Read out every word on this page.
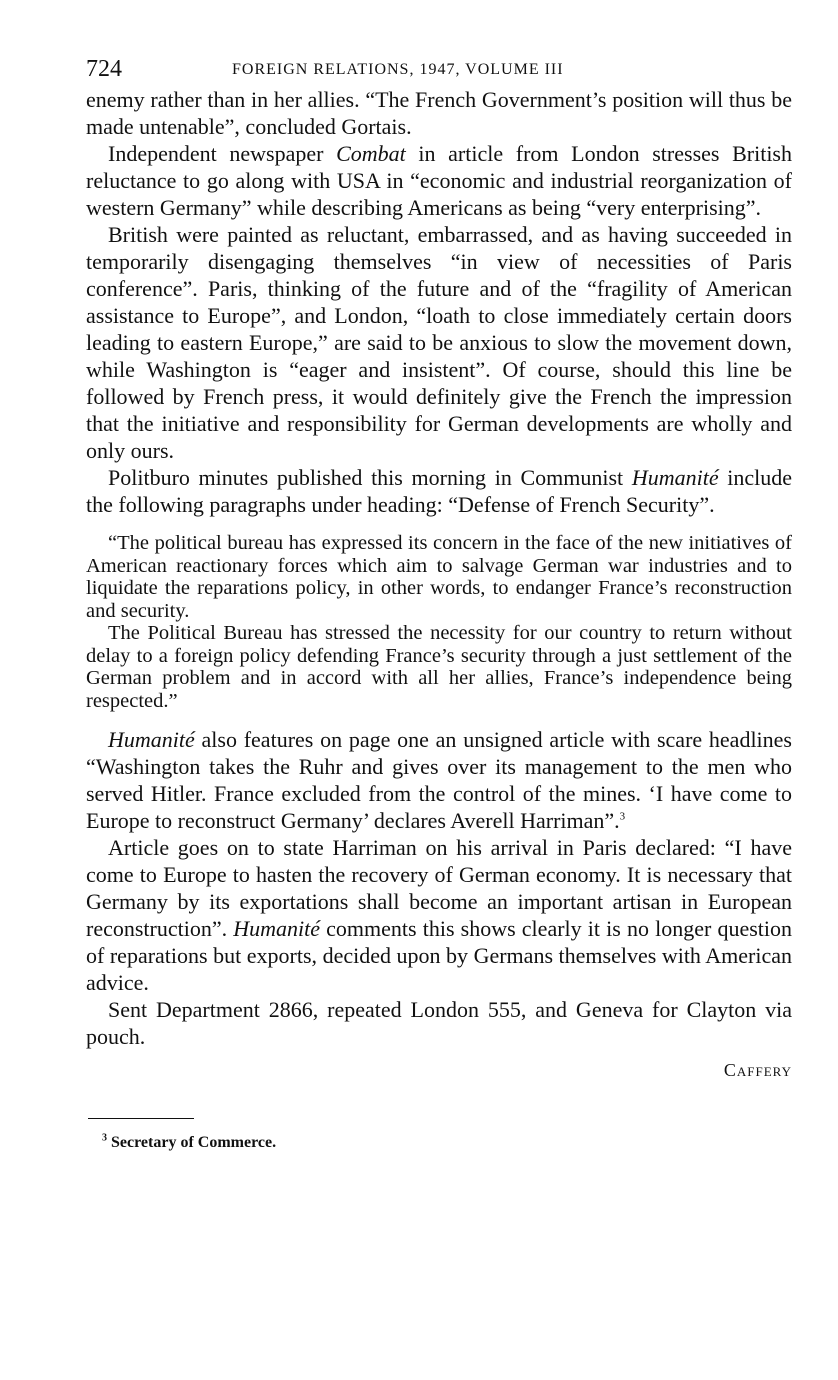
724	FOREIGN RELATIONS, 1947, VOLUME III

enemy rather than in her allies. “The French Government’s position will thus be made untenable”, concluded Gortais.

Independent newspaper Combat in article from London stresses British reluctance to go along with USA in “economic and industrial reorganization of western Germany” while describing Americans as being “very enterprising”.

British were painted as reluctant, embarrassed, and as having succeeded in temporarily disengaging themselves “in view of necessities of Paris conference”. Paris, thinking of the future and of the “fragility of American assistance to Europe”, and London, “loath to close immediately certain doors leading to eastern Europe,” are said to be anxious to slow the movement down, while Washington is “eager and insistent”. Of course, should this line be followed by French press, it would definitely give the French the impression that the initiative and responsibility for German developments are wholly and only ours.

Politburo minutes published this morning in Communist Humanité include the following paragraphs under heading: “Defense of French Security”.

“The political bureau has expressed its concern in the face of the new initiatives of American reactionary forces which aim to salvage German war industries and to liquidate the reparations policy, in other words, to endanger France’s reconstruction and security.

The Political Bureau has stressed the necessity for our country to return without delay to a foreign policy defending France’s security through a just settlement of the German problem and in accord with all her allies, France’s independence being respected.”

Humanité also features on page one an unsigned article with scare headlines “Washington takes the Ruhr and gives over its management to the men who served Hitler. France excluded from the control of the mines. ‘I have come to Europe to reconstruct Germany’ declares Averell Harriman”.$^3$

Article goes on to state Harriman on his arrival in Paris declared: “I have come to Europe to hasten the recovery of German economy. It is necessary that Germany by its exportations shall become an important artisan in European reconstruction”. Humanité comments this shows clearly it is no longer question of reparations but exports, decided upon by Germans themselves with American advice.

Sent Department 2866, repeated London 555, and Geneva for Clayton via pouch.

Caffery
$^3$ Secretary of Commerce.
